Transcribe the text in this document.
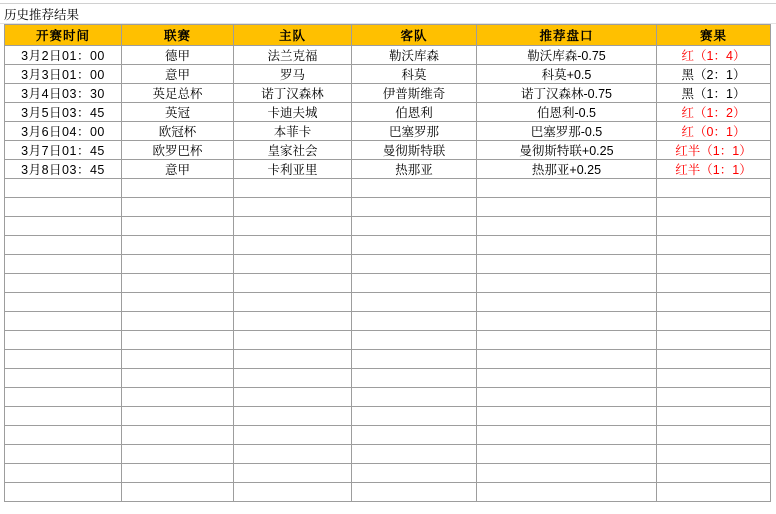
历史推荐结果
开赛时间	联赛	主队	客队	推荐盘口	赛果
3月2日01：00	德甲	法兰克福	勒沃库森	勒沃库森-0.75	红（1：4）
3月3日01：00	意甲	罗马	科莫	科莫+0.5	黑（2：1）
3月4日03：30	英足总杯	诺丁汉森林	伊普斯维奇	诺丁汉森林-0.75	黑（1：1）
3月5日03：45	英冠	卡迪夫城	伯恩利	伯恩利-0.5	红（1：2）
3月6日04：00	欧冠杯	本菲卡	巴塞罗那	巴塞罗那-0.5	红（0：1）
3月7日01：45	欧罗巴杯	皇家社会	曼彻斯特联	曼彻斯特联+0.25	红半（1：1）
3月8日03：45	意甲	卡利亚里	热那亚	热那亚+0.25	红半（1：1）
